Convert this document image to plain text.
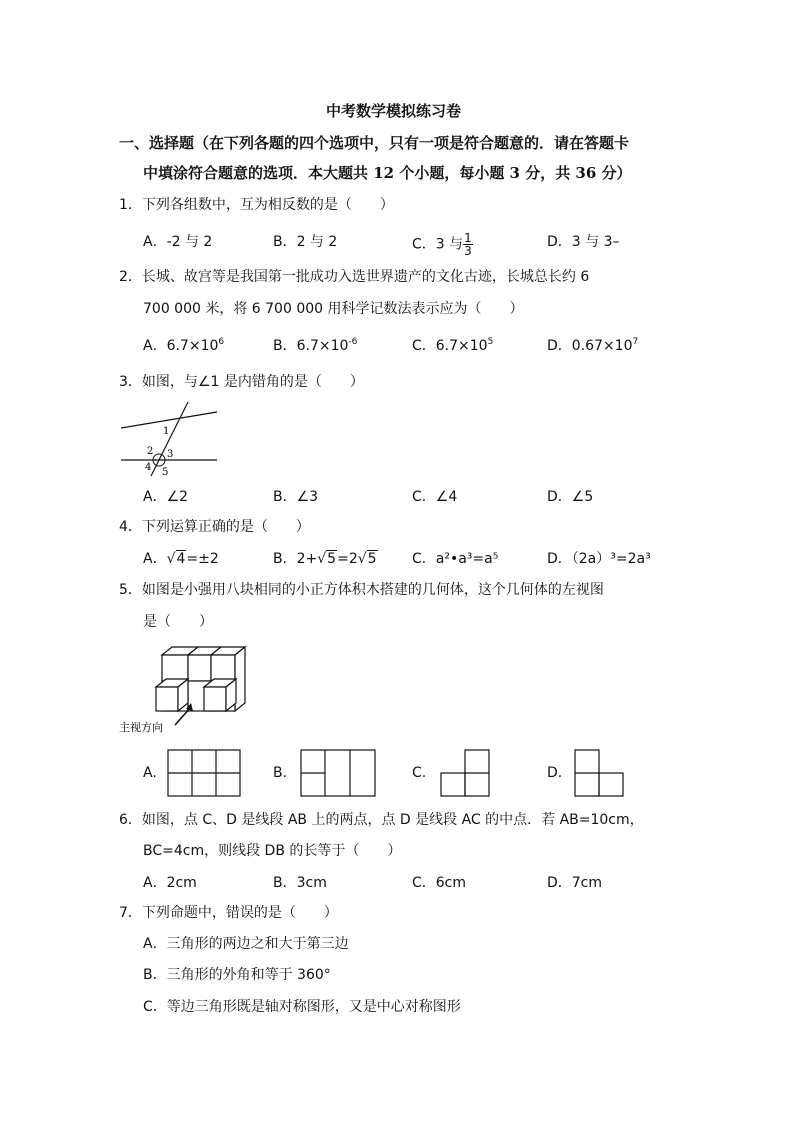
中考数学模拟练习卷
一、选择题（在下列各题的四个选项中，只有一项是符合题意的．请在答题卡
中填涂符合题意的选项．本大题共 12 个小题，每小题 3 分，共 36 分）
1．下列各组数中，互为相反数的是（　　）
A．-2 与 2	B．2 与 2	C．3 与 $\frac{1}{3}$	D．3 与 3–
2．长城、故宫等是我国第一批成功入选世界遗产的文化古迹，长城总长约 6
700 000 米，将 6 700 000 用科学记数法表示应为（　　）
A．$6.7\times 10^6$	B．$6.7\times 10^{-6}$	C．$6.7\times 10^5$	D．$0.67\times 10^7$
3．如图，与∠1 是内错角的是（　　）
1
2 3
4 5
A．∠2	B．∠3	C．∠4	D．∠5
4．下列运算正确的是（　　）
A．√4=±2	B．2+√5=2√5	C．a²•a³=a⁵	D．（2a）³=2a³
5．如图是小强用八块相同的小正方体积木搭建的几何体，这个几何体的左视图
是（　　）
主视方向
A.	B.	C.	D.
6．如图，点 C、D 是线段 AB 上的两点，点 D 是线段 AC 的中点．若 AB=10cm，
BC=4cm，则线段 DB 的长等于（　　）
A．2cm	B．3cm	C．6cm	D．7cm
7．下列命题中，错误的是（　　）
A．三角形的两边之和大于第三边
B．三角形的外角和等于 360°
C．等边三角形既是轴对称图形，又是中心对称图形
